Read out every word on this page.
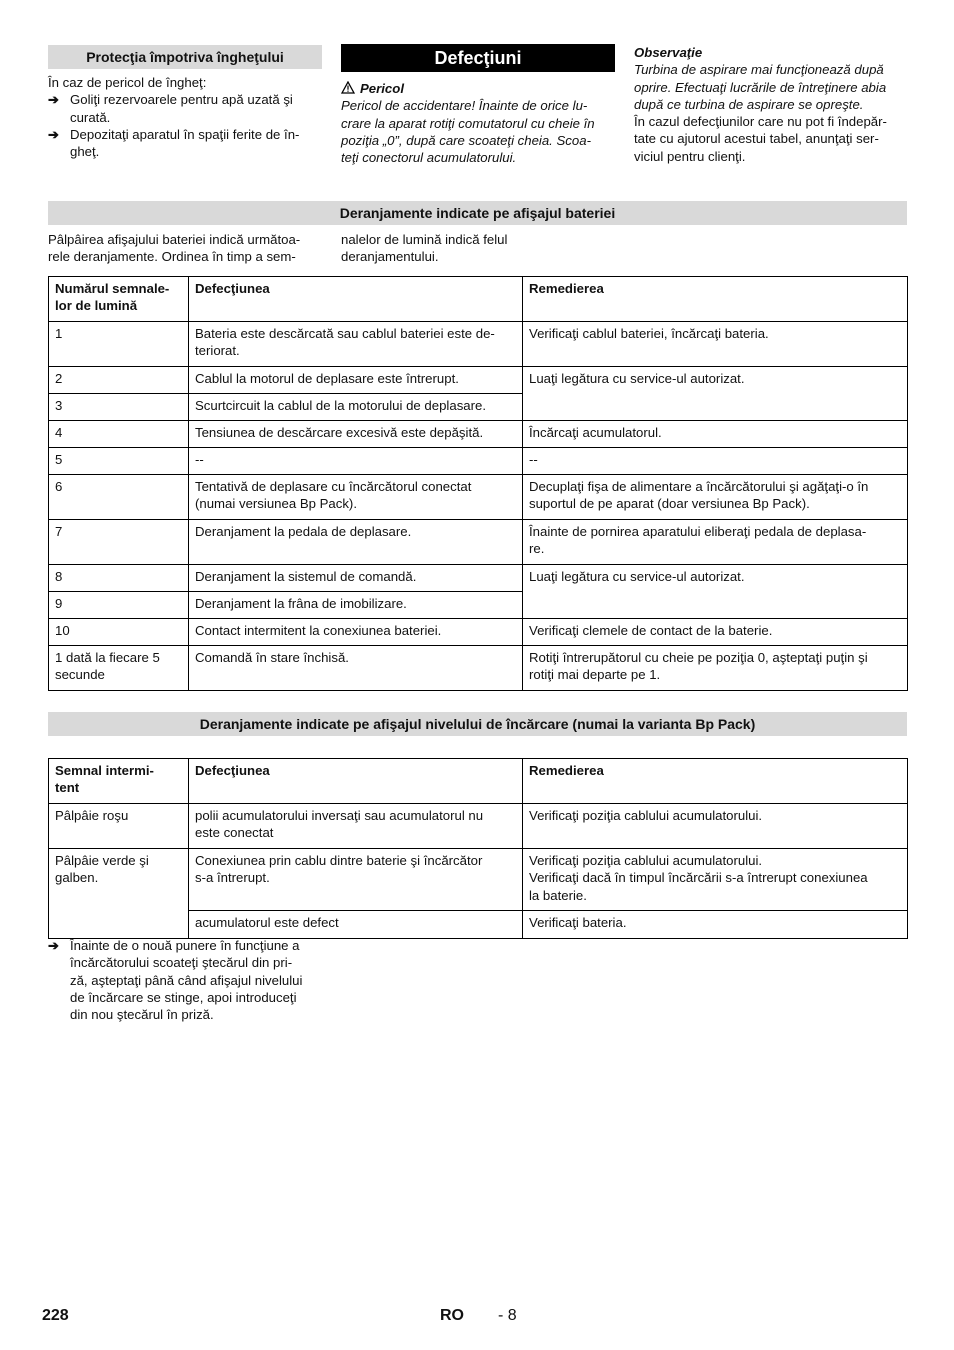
Protecţia împotriva îngheţului
În caz de pericol de îngheţ:
➔ Goliţi rezervoarele pentru apă uzată şi
curată.
➔ Depozitaţi aparatul în spaţii ferite de în-
gheţ.
Defecţiuni
Pericol
Pericol de accidentare! Înainte de orice lu-
crare la aparat rotiţi comutatorul cu cheie în
poziţia „0”, după care scoateţi cheia. Scoa-
teţi conectorul acumulatorului.
Observaţie
Turbina de aspirare mai funcţionează după
oprire. Efectuaţi lucrările de întreţinere abia
după ce turbina de aspirare se opreşte.
În cazul defecţiunilor care nu pot fi îndepăr-
tate cu ajutorul acestui tabel, anunţaţi ser-
viciul pentru clienţi.
Deranjamente indicate pe afişajul bateriei
Pâlpâirea afişajului bateriei indică următoa-
rele deranjamente. Ordinea în timp a sem-
nalelor de lumină indică felul
deranjamentului.
Numărul semnale-
lor de lumină	Defecţiunea	Remedierea
1	Bateria este descărcată sau cablul bateriei este de-
teriorat.	Verificaţi cablul bateriei, încărcaţi bateria.
2	Cablul la motorul de deplasare este întrerupt.	Luaţi legătura cu service-ul autorizat.
3	Scurtcircuit la cablul de la motorului de deplasare.	
4	Tensiunea de descărcare excesivă este depăşită.	Încărcaţi acumulatorul.
5	--	--
6	Tentativă de deplasare cu încărcătorul conectat
(numai versiunea Bp Pack).	Decuplaţi fişa de alimentare a încărcătorului şi agăţaţi-o în
suportul de pe aparat (doar versiunea Bp Pack).
7	Deranjament la pedala de deplasare.	Înainte de pornirea aparatului eliberaţi pedala de deplasa-
re.
8	Deranjament la sistemul de comandă.	Luaţi legătura cu service-ul autorizat.
9	Deranjament la frâna de imobilizare.	
10	Contact intermitent la conexiunea bateriei.	Verificaţi clemele de contact de la baterie.
1 dată la fiecare 5
secunde	Comandă în stare închisă.	Rotiţi întrerupătorul cu cheie pe poziţia 0, aşteptaţi puţin şi
rotiţi mai departe pe 1.
Deranjamente indicate pe afişajul nivelului de încărcare (numai la varianta Bp Pack)
Semnal intermi-
tent	Defecţiunea	Remedierea
Pâlpâie roşu	polii acumulatorului inversaţi sau acumulatorul nu
este conectat	Verificaţi poziţia cablului acumulatorului.
Pâlpâie verde şi
galben.	Conexiunea prin cablu dintre baterie şi încărcător
s-a întrerupt.	Verificaţi poziţia cablului acumulatorului.
Verificaţi dacă în timpul încărcării s-a întrerupt conexiunea
la baterie.
	acumulatorul este defect	Verificaţi bateria.
➔ Înainte de o nouă punere în funcţiune a
încărcătorului scoateţi ştecărul din pri-
ză, aşteptaţi până când afişajul nivelului
de încărcare se stinge, apoi introduceţi
din nou ştecărul în priză.
228	RO - 8
